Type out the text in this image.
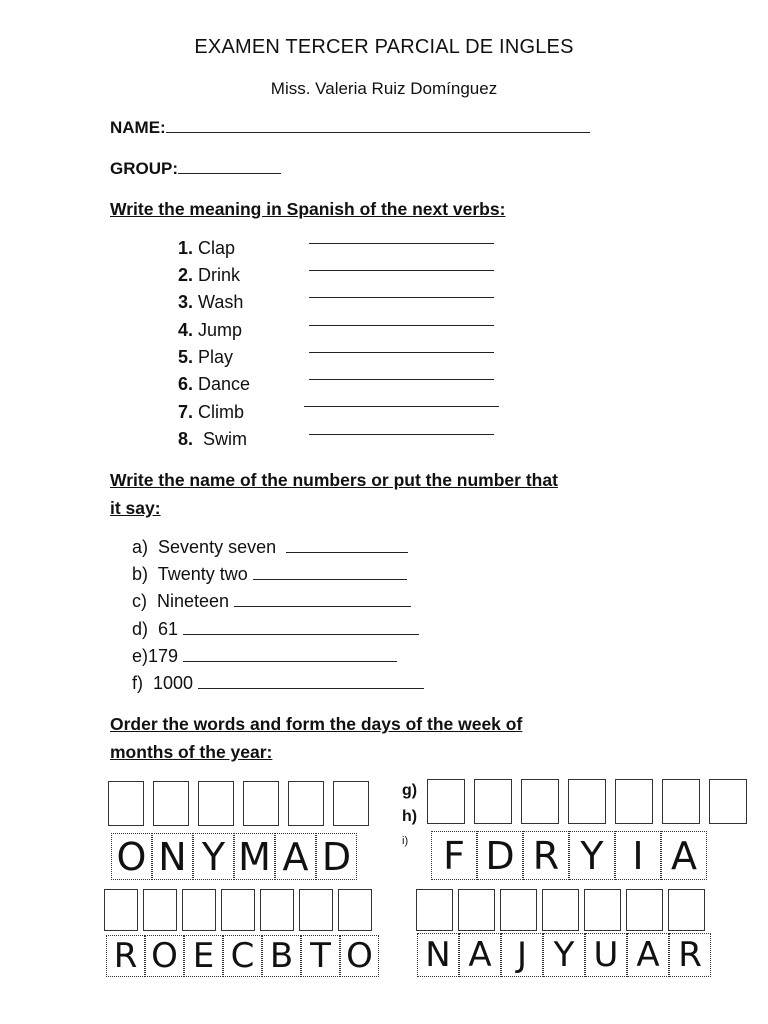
EXAMEN TERCER PARCIAL DE INGLES
Miss. Valeria Ruiz Domínguez
NAME:
GROUP:
Write the meaning in Spanish of the next verbs:
1. Clap
2. Drink
3. Wash
4. Jump
5. Play
6. Dance
7. Climb
8. Swim
Write the name of the numbers or put the number that
it say:
a) Seventy seven
b) Twenty two
c) Nineteen
d) 61
e)179
f) 1000
Order the words and form the days of the week of
months of the year:
O N Y M A D
g)
h)
i) F D R Y I A
R O E C B T O N A J Y U A R
